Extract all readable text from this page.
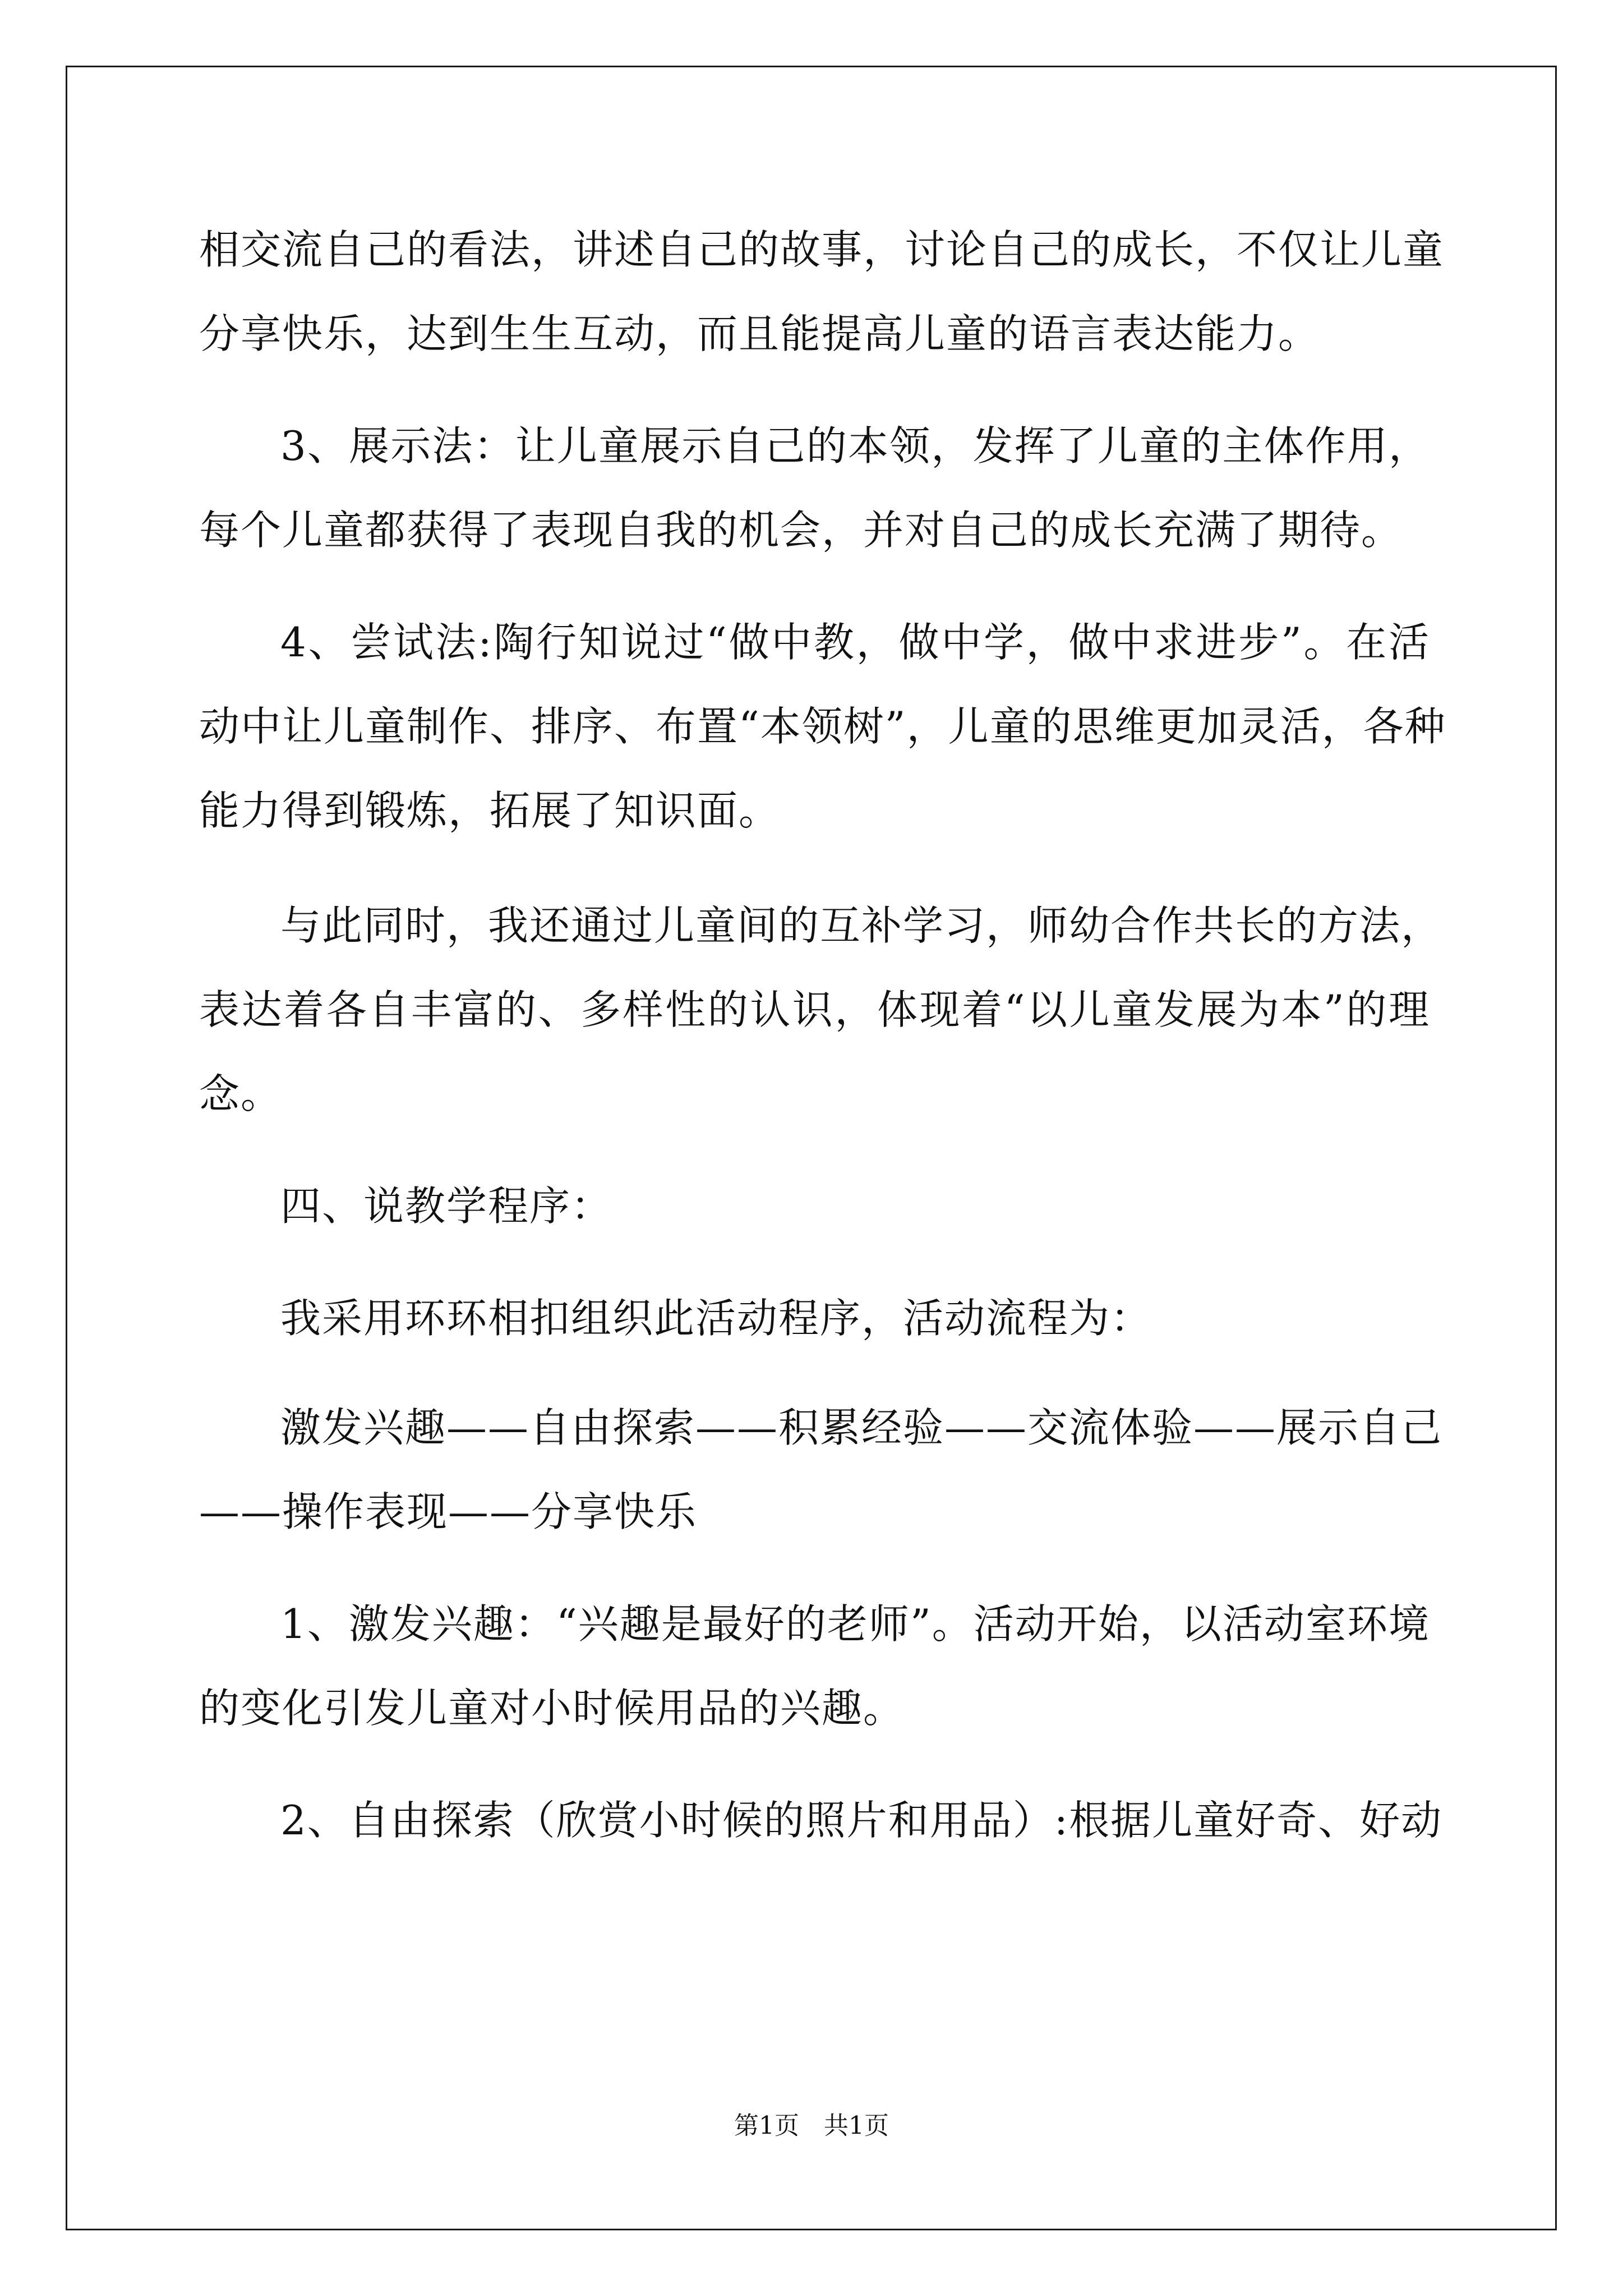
相交流自己的看法，讲述自己的故事，讨论自己的成长，不仅让儿童
分享快乐，达到生生互动，而且能提高儿童的语言表达能力。
3、展示法：让儿童展示自己的本领，发挥了儿童的主体作用，
每个儿童都获得了表现自我的机会，并对自己的成长充满了期待。
4、尝试法:陶行知说过“做中教，做中学，做中求进步”。在活
动中让儿童制作、排序、布置“本领树”，儿童的思维更加灵活，各种
能力得到锻炼，拓展了知识面。
与此同时，我还通过儿童间的互补学习，师幼合作共长的方法，
表达着各自丰富的、多样性的认识，体现着“以儿童发展为本”的理
念。
四、说教学程序：
我采用环环相扣组织此活动程序，活动流程为：
激发兴趣——自由探索——积累经验——交流体验——展示自己
——操作表现——分享快乐
1、激发兴趣：“兴趣是最好的老师”。活动开始，以活动室环境
的变化引发儿童对小时候用品的兴趣。
2、自由探索（欣赏小时候的照片和用品）:根据儿童好奇、好动
第1页　共1页
